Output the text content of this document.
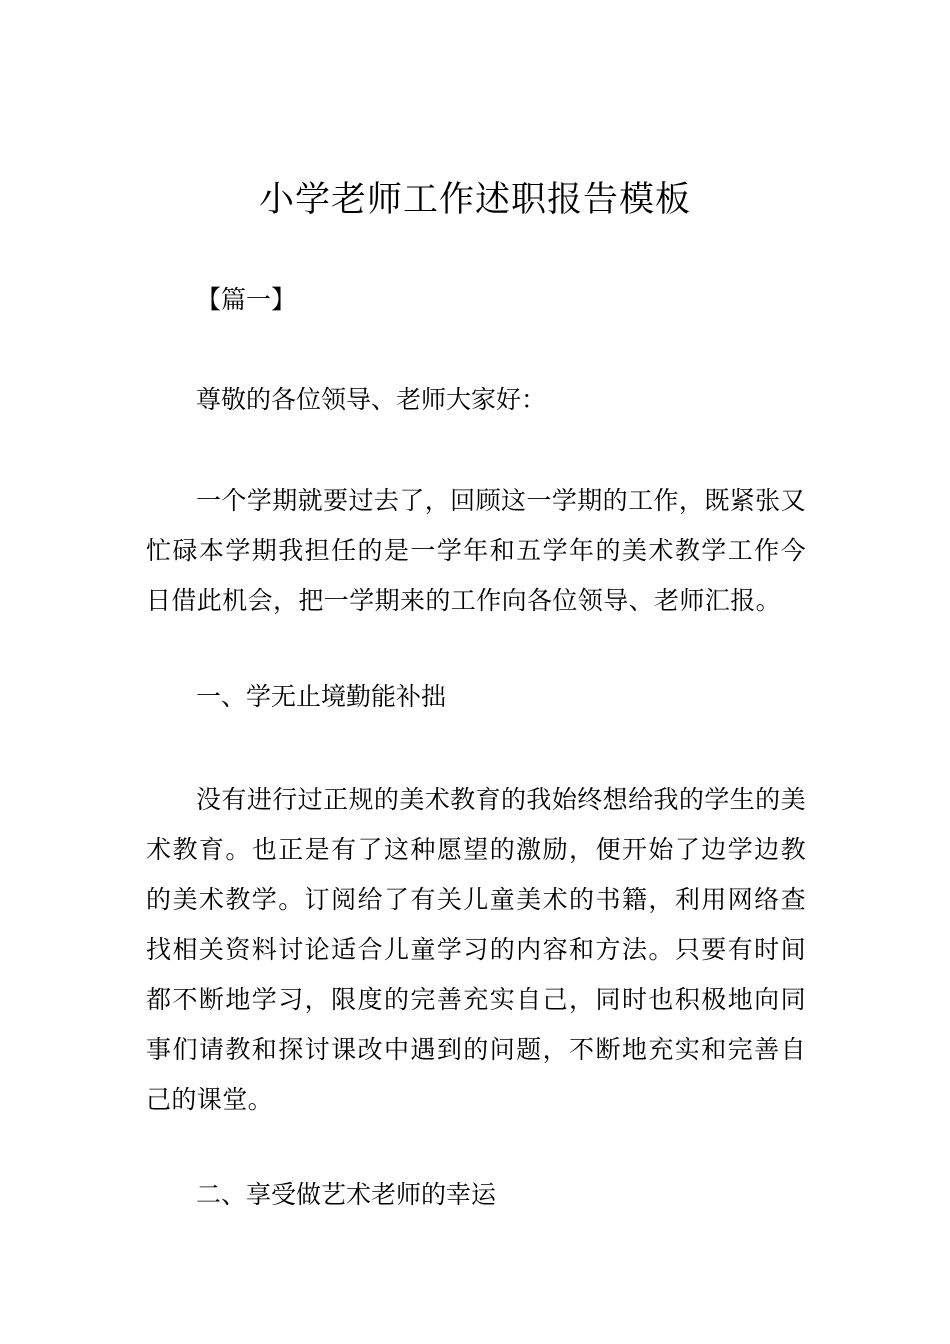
小学老师工作述职报告模板

【篇一】

尊敬的各位领导、老师大家好：

一个学期就要过去了，回顾这一学期的工作，既紧张又忙碌本学期我担任的是一学年和五学年的美术教学工作今日借此机会，把一学期来的工作向各位领导、老师汇报。

一、学无止境勤能补拙

没有进行过正规的美术教育的我始终想给我的学生的美术教育。也正是有了这种愿望的激励，便开始了边学边教的美术教学。订阅给了有关儿童美术的书籍，利用网络查找相关资料讨论适合儿童学习的内容和方法。只要有时间都不断地学习，限度的完善充实自己，同时也积极地向同事们请教和探讨课改中遇到的问题，不断地充实和完善自己的课堂。

二、享受做艺术老师的幸运
